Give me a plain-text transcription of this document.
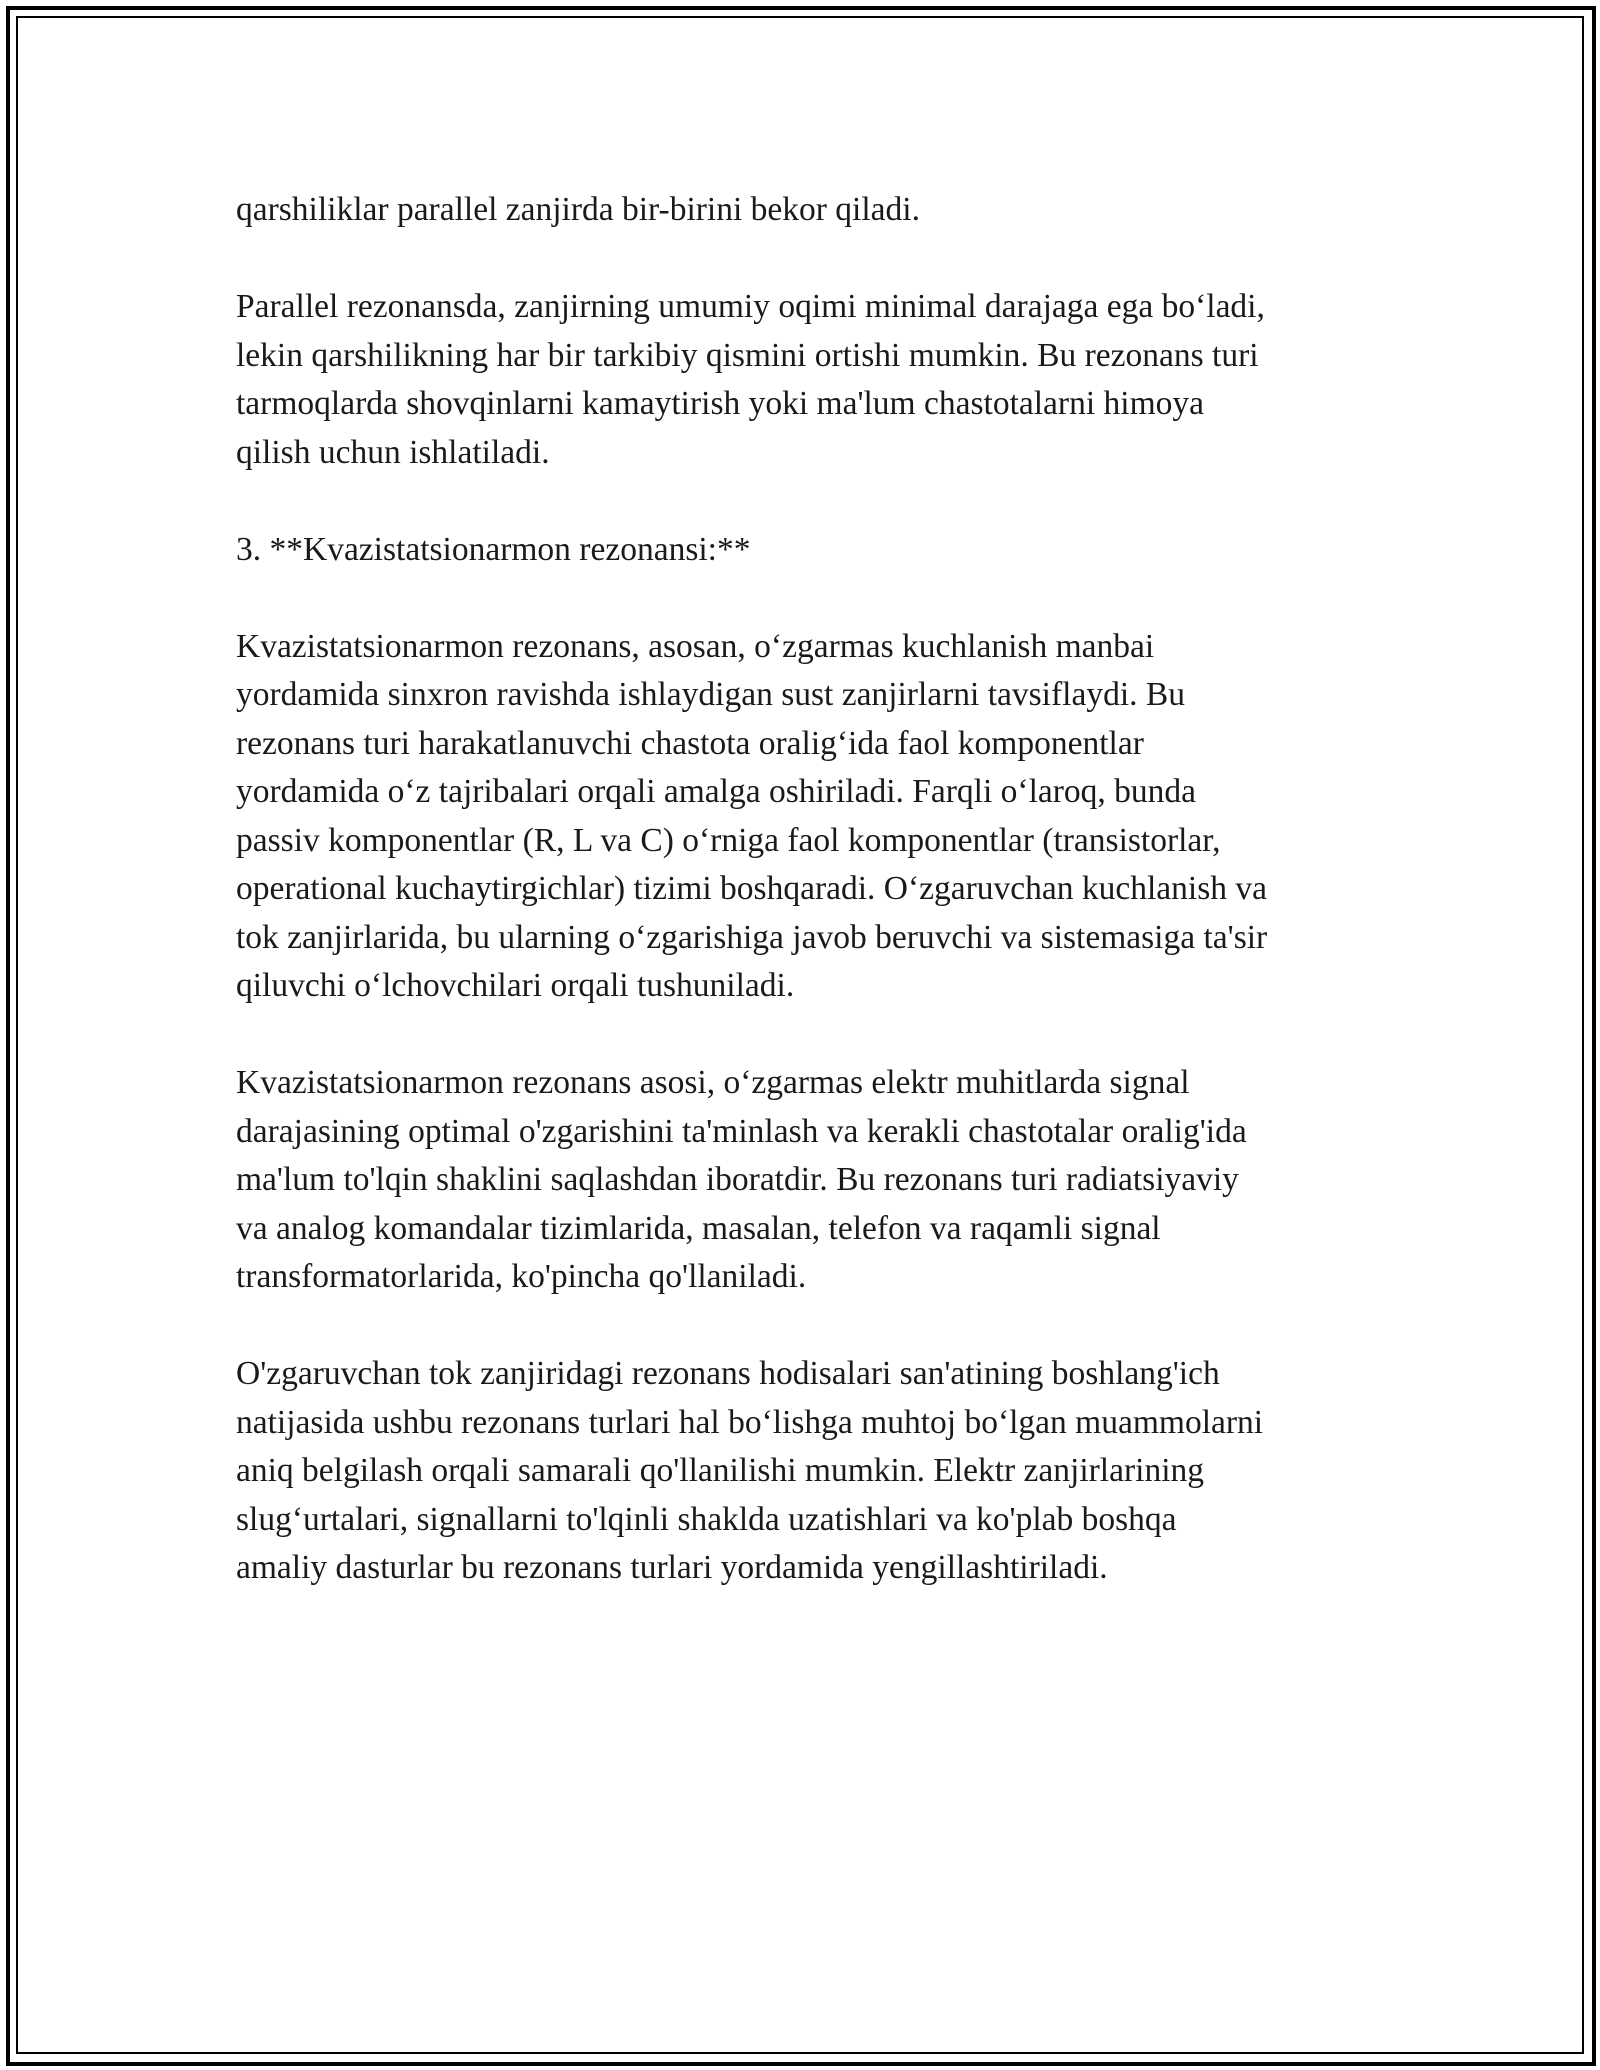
qarshiliklar parallel zanjirda bir-birini bekor qiladi.

Parallel rezonansda, zanjirning umumiy oqimi minimal darajaga ega bo‘ladi,
lekin qarshilikning har bir tarkibiy qismini ortishi mumkin. Bu rezonans turi
tarmoqlarda shovqinlarni kamaytirish yoki ma'lum chastotalarni himoya
qilish uchun ishlatiladi.

3. **Kvazistatsionarmon rezonansi:**

Kvazistatsionarmon rezonans, asosan, o‘zgarmas kuchlanish manbai
yordamida sinxron ravishda ishlaydigan sust zanjirlarni tavsiflaydi. Bu
rezonans turi harakatlanuvchi chastota oralig‘ida faol komponentlar
yordamida o‘z tajribalari orqali amalga oshiriladi. Farqli o‘laroq, bunda
passiv komponentlar (R, L va C) o‘rniga faol komponentlar (transistorlar,
operational kuchaytirgichlar) tizimi boshqaradi. O‘zgaruvchan kuchlanish va
tok zanjirlarida, bu ularning o‘zgarishiga javob beruvchi va sistemasiga ta'sir
qiluvchi o‘lchovchilari orqali tushuniladi.

Kvazistatsionarmon rezonans asosi, o‘zgarmas elektr muhitlarda signal
darajasining optimal o'zgarishini ta'minlash va kerakli chastotalar oralig'ida
ma'lum to'lqin shaklini saqlashdan iboratdir. Bu rezonans turi radiatsiyaviy
va analog komandalar tizimlarida, masalan, telefon va raqamli signal
transformatorlarida, ko'pincha qo'llaniladi.

O'zgaruvchan tok zanjiridagi rezonans hodisalari san'atining boshlang'ich
natijasida ushbu rezonans turlari hal bo‘lishga muhtoj bo‘lgan muammolarni
aniq belgilash orqali samarali qo'llanilishi mumkin. Elektr zanjirlarining
slug‘urtalari, signallarni to'lqinli shaklda uzatishlari va ko'plab boshqa
amaliy dasturlar bu rezonans turlari yordamida yengillashtiriladi.
